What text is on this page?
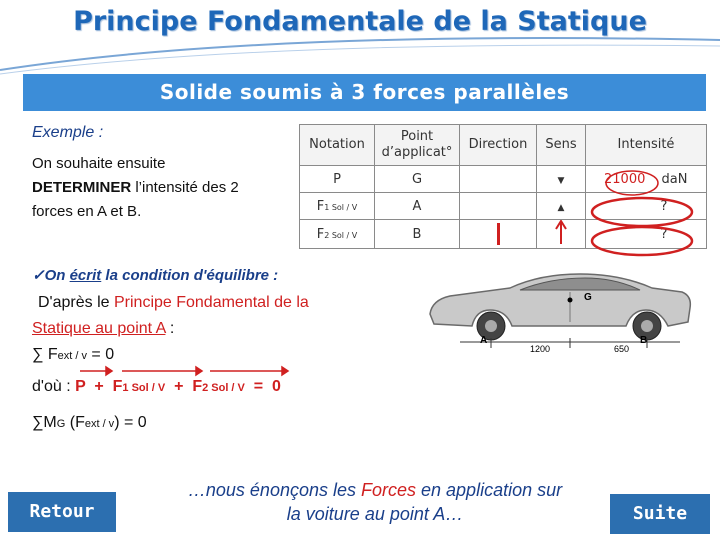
Principe Fondamentale de la Statique
Solide soumis à 3 forces parallèles
Exemple :
On souhaite ensuite
DETERMINER l’intensité des 2
forces en A et B.
Notation	Point d’applicat°	Direction	Sens	Intensité
P	G		▼	21000 daN
F1 Sol / V	A		▲	?
F2 Sol / V	B			?
✓On écrit la condition d'équilibre :
D'après le Principe Fondamental de la
Statique au point A :
∑ Fext / v = 0
d'où : P  +  F1 Sol / V  +  F2 Sol / V  =  0
∑MG (Fext / v) = 0
G
A	B
1200	650
Retour	Suite
…nous énonçons les Forces en application sur
la voiture au point A…
